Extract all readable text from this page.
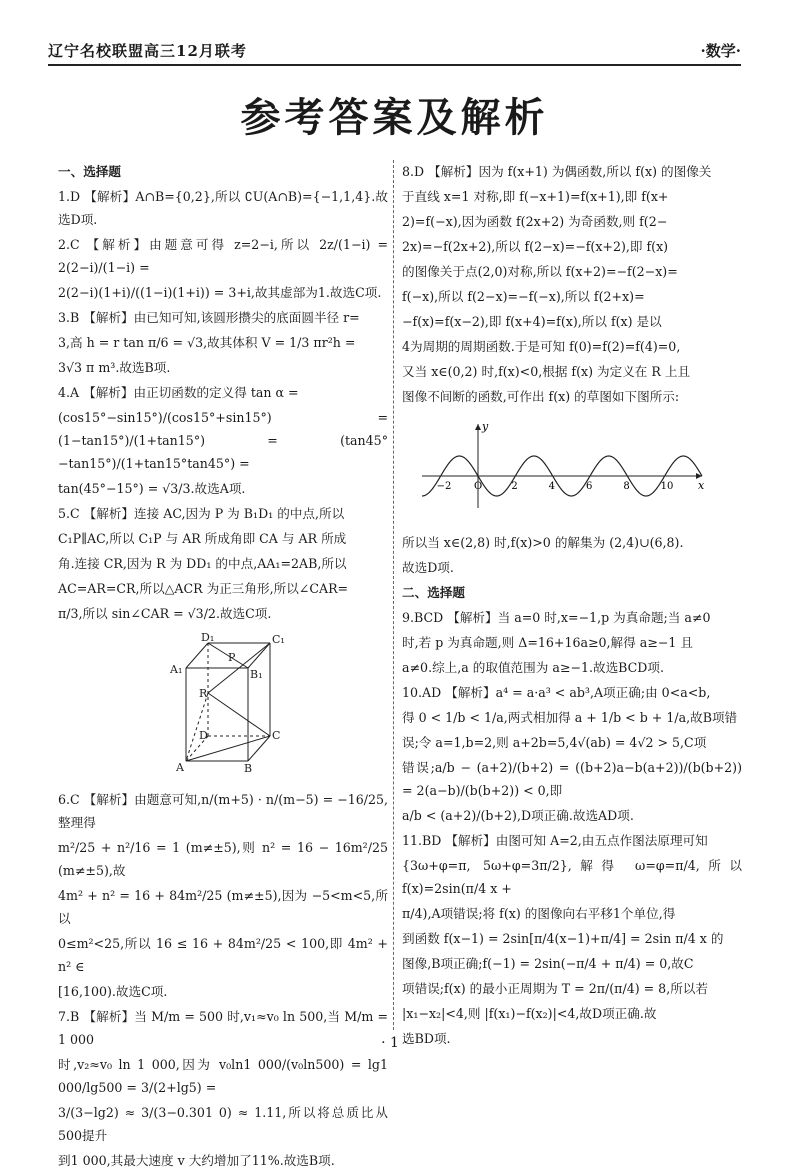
辽宁名校联盟高三12月联考	·数学·
参考答案及解析
一、选择题

1.D 【解析】A∩B={0,2},所以 ∁U(A∩B)={−1,1,4}.故选D项.

2.C 【解析】由题意可得 z=2−i,所以 2z/(1−i) = 2(2−i)/(1−i) =

2(2−i)(1+i)/((1−i)(1+i)) = 3+i,故其虚部为1.故选C项.

3.B 【解析】由已知可知,该圆形攒尖的底面圆半径 r=

3,高 h = r tan π/6 = √3,故其体积 V = 1/3 πr²h =

3√3 π m³.故选B项.

4.A 【解析】由正切函数的定义得 tan α =

(cos15°−sin15°)/(cos15°+sin15°) = (1−tan15°)/(1+tan15°) = (tan45°−tan15°)/(1+tan15°tan45°) =

tan(45°−15°) = √3/3.故选A项.

5.C 【解析】连接 AC,因为 P 为 B₁D₁ 的中点,所以

C₁P∥AC,所以 C₁P 与 AR 所成角即 CA 与 AR 所成

角.连接 CR,因为 R 为 DD₁ 的中点,AA₁=2AB,所以

AC=AR=CR,所以△ACR 为正三角形,所以∠CAR=

π/3,所以 sin∠CAR = √3/2.故选C项.

D₁	C₁
A₁	B₁
P
R
D	C
A	B

6.C 【解析】由题意可知,n/(m+5) · n/(m−5) = −16/25,整理得

m²/25 + n²/16 = 1 (m≠±5),则 n² = 16 − 16m²/25 (m≠±5),故

4m² + n² = 16 + 84m²/25 (m≠±5),因为 −5<m<5,所以

0≤m²<25,所以 16 ≤ 16 + 84m²/25 < 100,即 4m² + n² ∈

[16,100).故选C项.

7.B 【解析】当 M/m = 500 时,v₁≈v₀ ln 500,当 M/m = 1 000

时,v₂≈v₀ ln 1 000,因为 v₀ln1 000/(v₀ln500) = lg1 000/lg500 = 3/(2+lg5) =

3/(3−lg2) ≈ 3/(3−0.301 0) ≈ 1.11,所以将总质比从500提升

到1 000,其最大速度 v 大约增加了11%.故选B项.

8.D 【解析】因为 f(x+1) 为偶函数,所以 f(x) 的图像关

于直线 x=1 对称,即 f(−x+1)=f(x+1),即 f(x+

2)=f(−x),因为函数 f(2x+2) 为奇函数,则 f(2−

2x)=−f(2x+2),所以 f(2−x)=−f(x+2),即 f(x)

的图像关于点(2,0)对称,所以 f(x+2)=−f(2−x)=

f(−x),所以 f(2−x)=−f(−x),所以 f(2+x)=

−f(x)=f(x−2),即 f(x+4)=f(x),所以 f(x) 是以

4为周期的周期函数.于是可知 f(0)=f(2)=f(4)=0,

又当 x∈(0,2) 时,f(x)<0,根据 f(x) 为定义在 R 上且

图像不间断的函数,可作出 f(x) 的草图如下图所示:

x
y
−2 O	2	4	6	8	10

所以当 x∈(2,8) 时,f(x)>0 的解集为 (2,4)∪(6,8).

故选D项.

二、选择题

9.BCD 【解析】当 a=0 时,x=−1,p 为真命题;当 a≠0

时,若 p 为真命题,则 Δ=16+16a≥0,解得 a≥−1 且

a≠0.综上,a 的取值范围为 a≥−1.故选BCD项.

10.AD 【解析】a⁴ = a·a³ < ab³,A项正确;由 0<a<b,

得 0 < 1/b < 1/a,两式相加得 a + 1/b < b + 1/a,故B项错

误;令 a=1,b=2,则 a+2b=5,4√(ab) = 4√2 > 5,C项

错误;a/b − (a+2)/(b+2) = ((b+2)a−b(a+2))/(b(b+2)) = 2(a−b)/(b(b+2)) < 0,即

a/b < (a+2)/(b+2),D项正确.故选AD项.

11.BD 【解析】由图可知 A=2,由五点作图法原理可知

{3ω+φ=π, 5ω+φ=3π/2},解得 ω=φ=π/4,所以 f(x)=2sin(π/4 x +

π/4),A项错误;将 f(x) 的图像向右平移1个单位,得

到函数 f(x−1) = 2sin[π/4(x−1)+π/4] = 2sin π/4 x 的

图像,B项正确;f(−1) = 2sin(−π/4 + π/4) = 0,故C

项错误;f(x) 的最小正周期为 T = 2π/(π/4) = 8,所以若

|x₁−x₂|<4,则 |f(x₁)−f(x₂)|<4,故D项正确.故

选BD项.

· 1 ·
